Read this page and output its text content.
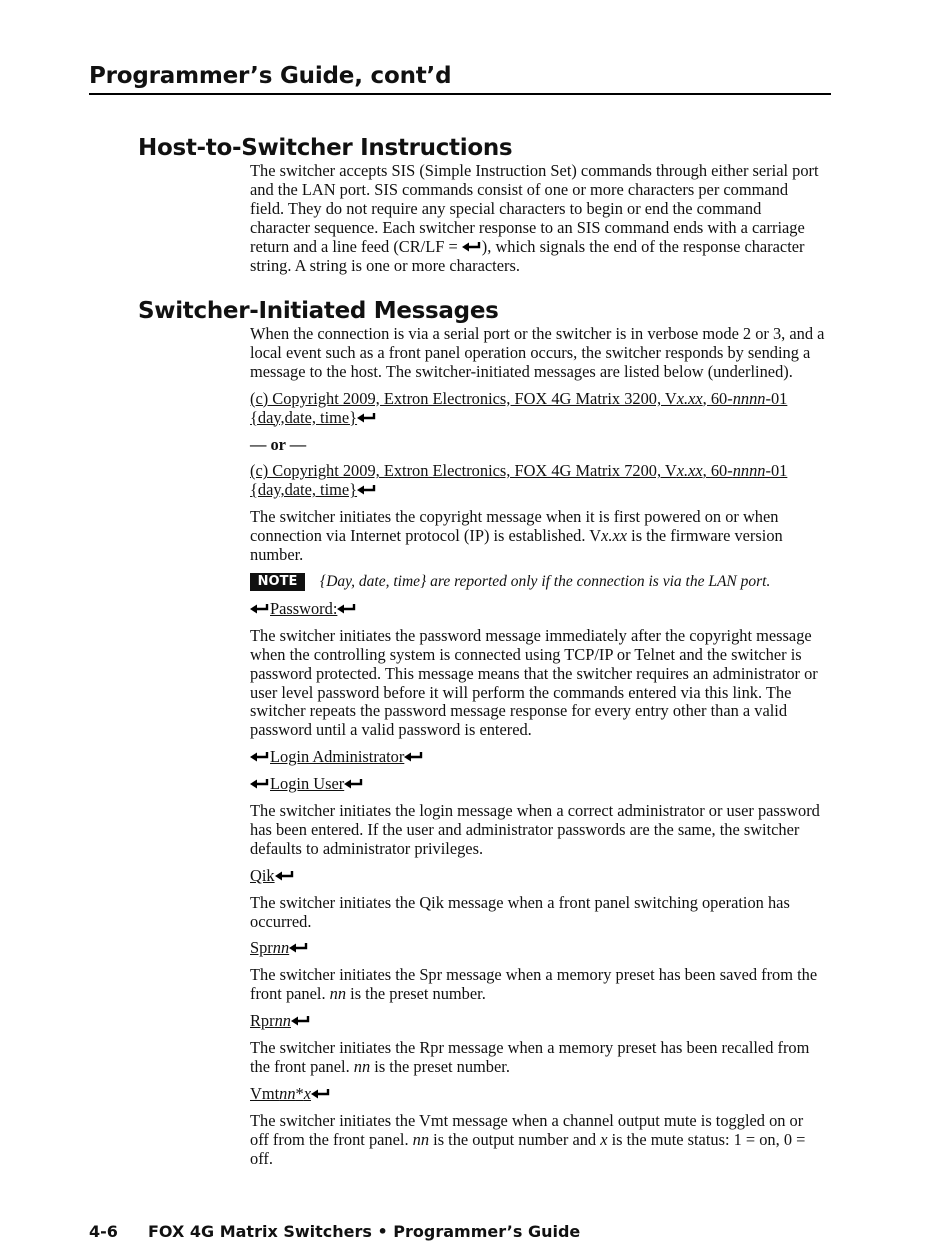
Programmer’s Guide, cont’d
Host-to-Switcher Instructions

The switcher accepts SIS (Simple Instruction Set) commands through either serial port and the LAN port. SIS commands consist of one or more characters per command field. They do not require any special characters to begin or end the command character sequence. Each switcher response to an SIS command ends with a carriage return and a line feed (CR/LF =
), which signals the end of the response character string. A string is one or more characters.

Switcher-Initiated Messages

When the connection is via a serial port or the switcher is in verbose mode 2 or 3, and a local event such as a front panel operation occurs, the switcher responds by sending a message to the host. The switcher-initiated messages are listed below (underlined).

(c) Copyright 2009, Extron Electronics, FOX 4G Matrix 3200, Vx.xx, 60-nnnn-01
{day,date, time}

— or —

(c) Copyright 2009, Extron Electronics, FOX 4G Matrix 7200, Vx.xx, 60-nnnn-01
{day,date, time}

The switcher initiates the copyright message when it is first powered on or when connection via Internet protocol (IP) is established. Vx.xx is the firmware version number.

NOTE	{Day, date, time} are reported only if the connection is via the LAN port.

Password:

The switcher initiates the password message immediately after the copyright message when the controlling system is connected using TCP/IP or Telnet and the switcher is password protected. This message means that the switcher requires an administrator or user level password before it will perform the commands entered via this link. The switcher repeats the password message response for every entry other than a valid password until a valid password is entered.

Login Administrator

Login User

The switcher initiates the login message when a correct administrator or user password has been entered. If the user and administrator passwords are the same, the switcher defaults to administrator privileges.

Qik

The switcher initiates the Qik message when a front panel switching operation has occurred.

Sprnn

The switcher initiates the Spr message when a memory preset has been saved from the front panel. nn is the preset number.

Rprnn

The switcher initiates the Rpr message when a memory preset has been recalled from the front panel. nn is the preset number.

Vmtnn*x

The switcher initiates the Vmt message when a channel output mute is toggled on or off from the front panel. nn is the output number and x is the mute status: 1 = on, 0 = off.

4-6 FOX 4G Matrix Switchers • Programmer’s Guide
